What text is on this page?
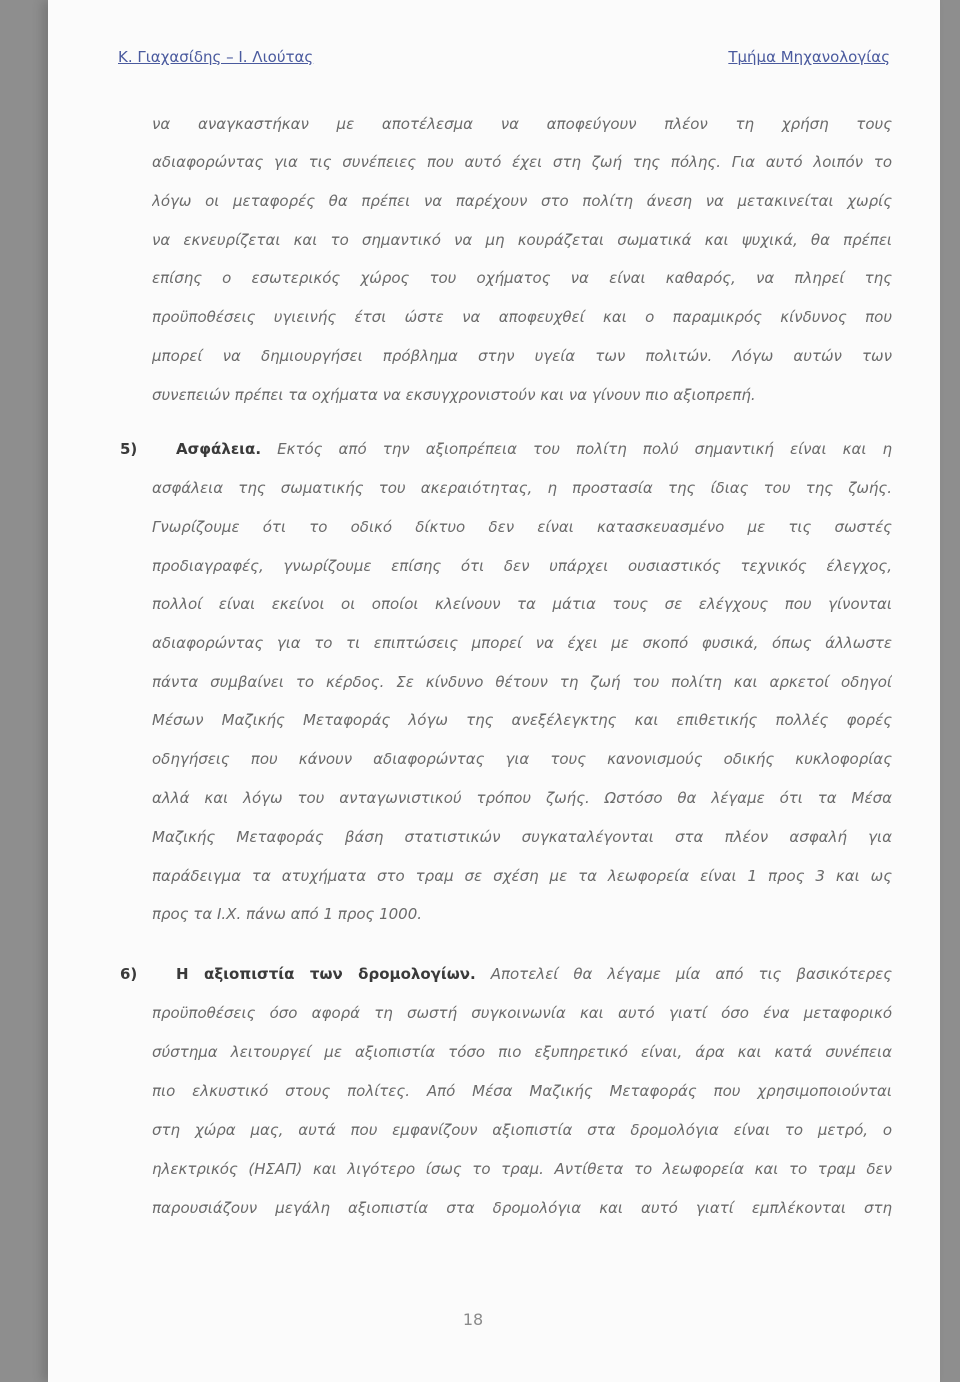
Κ. Γιαχασίδης – Ι. Λιούτας	Τμήμα Μηχανολογίας
να αναγκαστήκαν με αποτέλεσμα να αποφεύγουν πλέον τη χρήση τους
αδιαφορώντας για τις συνέπειες που αυτό έχει στη ζωή της πόλης. Για αυτό λοιπόν το
λόγω οι μεταφορές θα πρέπει να παρέχουν στο πολίτη άνεση να μετακινείται χωρίς
να εκνευρίζεται και το σημαντικό να μη κουράζεται σωματικά και ψυχικά, θα πρέπει
επίσης ο εσωτερικός χώρος του οχήματος να είναι καθαρός, να πληρεί της
προϋποθέσεις υγιεινής έτσι ώστε να αποφευχθεί και ο παραμικρός κίνδυνος που
μπορεί να δημιουργήσει πρόβλημα στην υγεία των πολιτών. Λόγω αυτών των
συνεπειών πρέπει τα οχήματα να εκσυγχρονιστούν και να γίνουν πιο αξιοπρεπή.
5)	Ασφάλεια. Εκτός από την αξιοπρέπεια του πολίτη πολύ σημαντική είναι και η
ασφάλεια της σωματικής του ακεραιότητας, η προστασία της ίδιας του της ζωής.
Γνωρίζουμε ότι το οδικό δίκτυο δεν είναι κατασκευασμένο με τις σωστές
προδιαγραφές, γνωρίζουμε επίσης ότι δεν υπάρχει ουσιαστικός τεχνικός έλεγχος,
πολλοί είναι εκείνοι οι οποίοι κλείνουν τα μάτια τους σε ελέγχους που γίνονται
αδιαφορώντας για το τι επιπτώσεις μπορεί να έχει με σκοπό φυσικά, όπως άλλωστε
πάντα συμβαίνει το κέρδος. Σε κίνδυνο θέτουν τη ζωή του πολίτη και αρκετοί οδηγοί
Μέσων Μαζικής Μεταφοράς λόγω της ανεξέλεγκτης και επιθετικής πολλές φορές
οδηγήσεις που κάνουν αδιαφορώντας για τους κανονισμούς οδικής κυκλοφορίας
αλλά και λόγω του ανταγωνιστικού τρόπου ζωής. Ωστόσο θα λέγαμε ότι τα Μέσα
Μαζικής Μεταφοράς βάση στατιστικών συγκαταλέγονται στα πλέον ασφαλή για
παράδειγμα τα ατυχήματα στο τραμ σε σχέση με τα λεωφορεία είναι 1 προς 3 και ως
προς τα Ι.Χ. πάνω από 1 προς 1000.
6)	Η αξιοπιστία των δρομολογίων. Αποτελεί θα λέγαμε μία από τις βασικότερες
προϋποθέσεις όσο αφορά τη σωστή συγκοινωνία και αυτό γιατί όσο ένα μεταφορικό
σύστημα λειτουργεί με αξιοπιστία τόσο πιο εξυπηρετικό είναι, άρα και κατά συνέπεια
πιο ελκυστικό στους πολίτες. Από Μέσα Μαζικής Μεταφοράς που χρησιμοποιούνται
στη χώρα μας, αυτά που εμφανίζουν αξιοπιστία στα δρομολόγια είναι το μετρό, ο
ηλεκτρικός (ΗΣΑΠ) και λιγότερο ίσως το τραμ. Αντίθετα το λεωφορεία και το τραμ δεν
παρουσιάζουν μεγάλη αξιοπιστία στα δρομολόγια και αυτό γιατί εμπλέκονται στη
18
